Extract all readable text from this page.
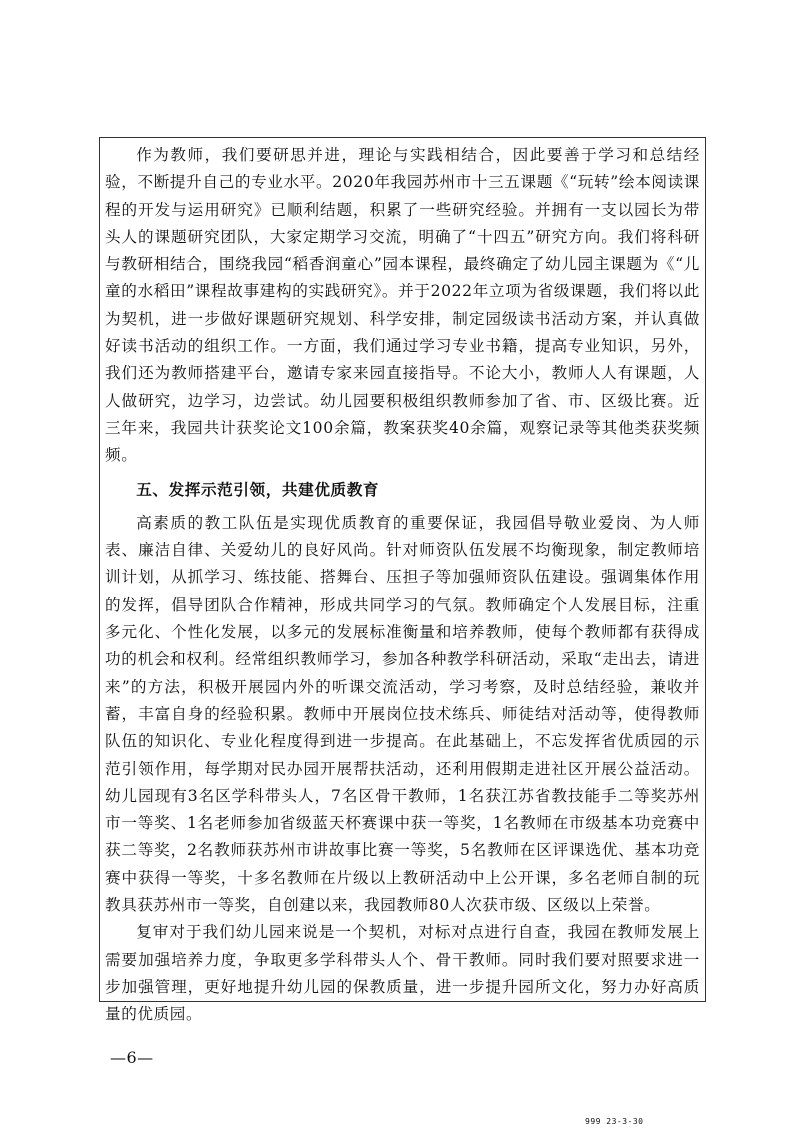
作为教师，我们要研思并进，理论与实践相结合，因此要善于学习和总结经验，不断提升自己的专业水平。2020年我园苏州市十三五课题《“玩转”绘本阅读课程的开发与运用研究》已顺利结题，积累了一些研究经验。并拥有一支以园长为带头人的课题研究团队，大家定期学习交流，明确了“十四五”研究方向。我们将科研与教研相结合，围绕我园“稻香润童心”园本课程，最终确定了幼儿园主课题为《“儿童的水稻田”课程故事建构的实践研究》。并于2022年立项为省级课题，我们将以此为契机，进一步做好课题研究规划、科学安排，制定园级读书活动方案，并认真做好读书活动的组织工作。一方面，我们通过学习专业书籍，提高专业知识，另外，我们还为教师搭建平台，邀请专家来园直接指导。不论大小，教师人人有课题，人人做研究，边学习，边尝试。幼儿园要积极组织教师参加了省、市、区级比赛。近三年来，我园共计获奖论文100余篇，教案获奖40余篇，观察记录等其他类获奖频频。

五、发挥示范引领，共建优质教育

高素质的教工队伍是实现优质教育的重要保证，我园倡导敬业爱岗、为人师表、廉洁自律、关爱幼儿的良好风尚。针对师资队伍发展不均衡现象，制定教师培训计划，从抓学习、练技能、搭舞台、压担子等加强师资队伍建设。强调集体作用的发挥，倡导团队合作精神，形成共同学习的气氛。教师确定个人发展目标，注重多元化、个性化发展，以多元的发展标准衡量和培养教师，使每个教师都有获得成功的机会和权利。经常组织教师学习，参加各种教学科研活动，采取“走出去，请进来”的方法，积极开展园内外的听课交流活动，学习考察，及时总结经验，兼收并蓄，丰富自身的经验积累。教师中开展岗位技术练兵、师徒结对活动等，使得教师队伍的知识化、专业化程度得到进一步提高。在此基础上，不忘发挥省优质园的示范引领作用，每学期对民办园开展帮扶活动，还利用假期走进社区开展公益活动。幼儿园现有3名区学科带头人，7名区骨干教师，1名获江苏省教技能手二等奖苏州市一等奖、1名老师参加省级蓝天杯赛课中获一等奖，1名教师在市级基本功竞赛中获二等奖，2名教师获苏州市讲故事比赛一等奖，5名教师在区评课选优、基本功竞赛中获得一等奖，十多名教师在片级以上教研活动中上公开课，多名老师自制的玩教具获苏州市一等奖，自创建以来，我园教师80人次获市级、区级以上荣誉。

复审对于我们幼儿园来说是一个契机，对标对点进行自查，我园在教师发展上需要加强培养力度，争取更多学科带头人个、骨干教师。同时我们要对照要求进一步加强管理，更好地提升幼儿园的保教质量，进一步提升园所文化，努力办好高质量的优质园。

—6—
999 23-3-30
